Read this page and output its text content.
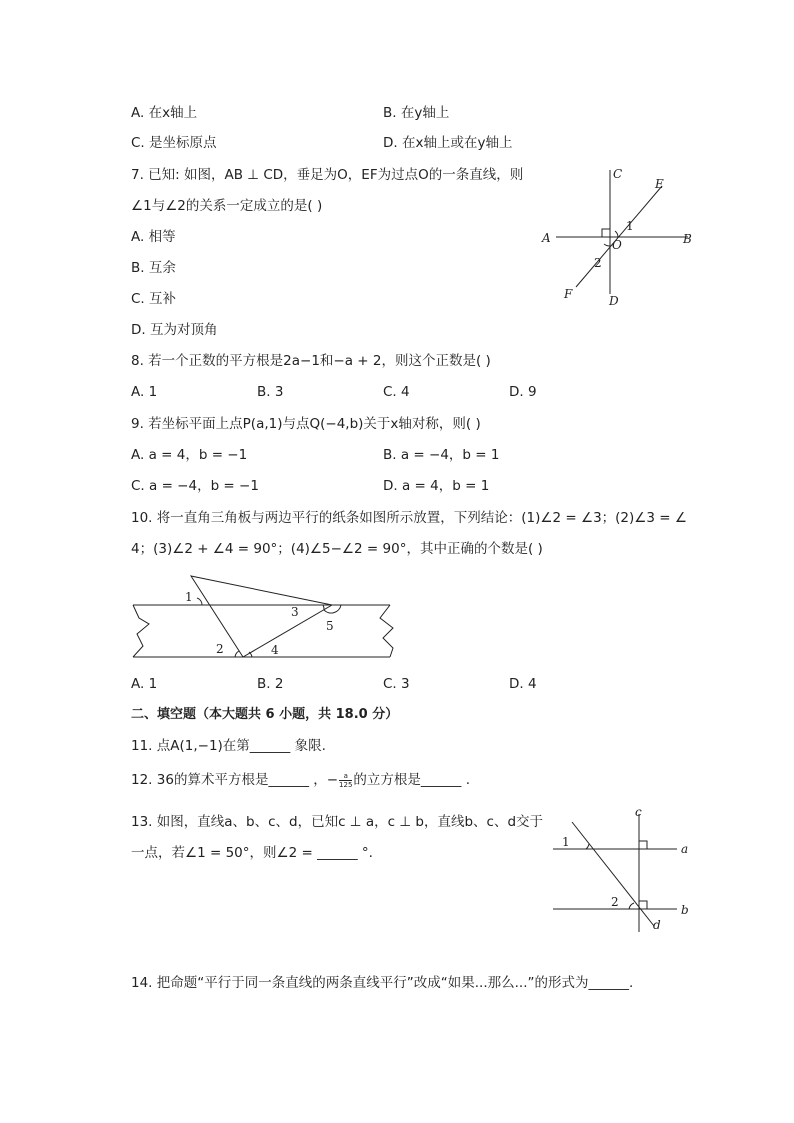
A. 在x轴上	B. 在y轴上
C. 是坐标原点	D. 在x轴上或在y轴上
7. 已知: 如图，AB ⊥ CD，垂足为O，EF为过点O的一条直线，则
∠1与∠2的关系一定成立的是( )
A. 相等
B. 互余
C. 互补
D. 互为对顶角
A	B
C
D
E
F
O
1
2
8. 若一个正数的平方根是2a−1和−a + 2，则这个正数是( )
A. 1	B. 3	C. 4	D. 9
9. 若坐标平面上点P(a,1)与点Q(−4,b)关于x轴对称，则( )
A. a = 4，b = −1	B. a = −4，b = 1
C. a = −4，b = −1	D. a = 4，b = 1
10. 将一直角三角板与两边平行的纸条如图所示放置，下列结论：(1)∠2 = ∠3；(2)∠3 = ∠
4；(3)∠2 + ∠4 = 90°；(4)∠5−∠2 = 90°，其中正确的个数是( )
1
2
3
4
5
A. 1	B. 2	C. 3	D. 4
二、填空题（本大题共 6 小题，共 18.0 分）
11. 点A(1,−1)在第______ 象限.
12. 36的算术平方根是______ ，− $\frac{a}{125}$ 的立方根是______ .
13. 如图，直线a、b、c、d，已知c ⊥ a，c ⊥ b，直线b、c、d交于
一点，若∠1 = 50°，则∠2 = ______ °.
c
a
b
d
1
2
14. 把命题“平行于同一条直线的两条直线平行”改成“如果...那么...”的形式为______.
